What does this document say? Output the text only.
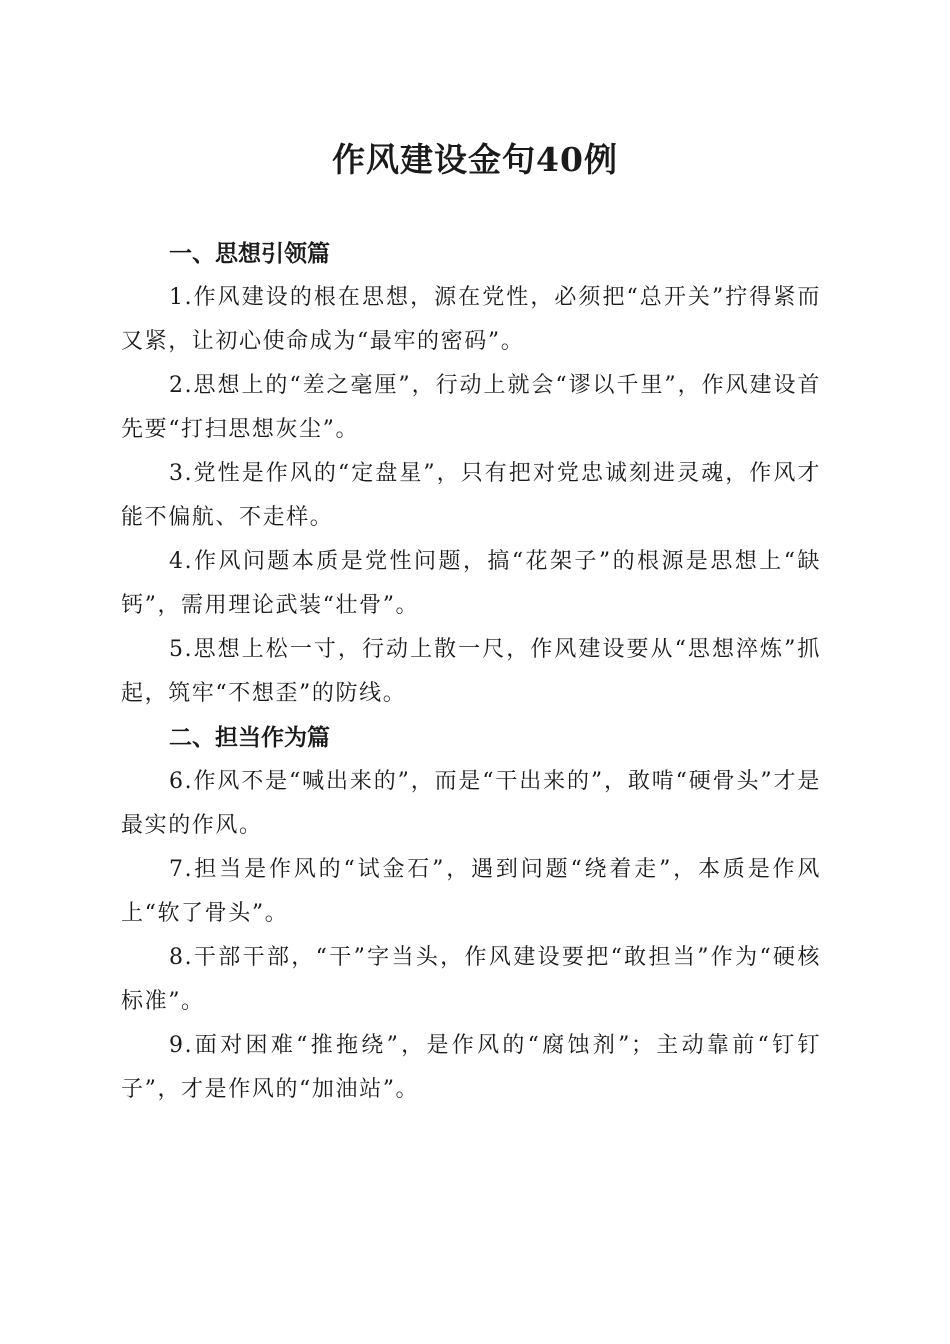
作风建设金句40例
一、思想引领篇

1.作风建设的根在思想，源在党性，必须把“总开关”拧得紧而又紧，让初心使命成为“最牢的密码”。

2.思想上的“差之毫厘”，行动上就会“谬以千里”，作风建设首先要“打扫思想灰尘”。

3.党性是作风的“定盘星”，只有把对党忠诚刻进灵魂，作风才能不偏航、不走样。

4.作风问题本质是党性问题，搞“花架子”的根源是思想上“缺钙”，需用理论武装“壮骨”。

5.思想上松一寸，行动上散一尺，作风建设要从“思想淬炼”抓起，筑牢“不想歪”的防线。

二、担当作为篇

6.作风不是“喊出来的”，而是“干出来的”，敢啃“硬骨头”才是最实的作风。

7.担当是作风的“试金石”，遇到问题“绕着走”，本质是作风上“软了骨头”。

8.干部干部，“干”字当头，作风建设要把“敢担当”作为“硬核标准”。

9.面对困难“推拖绕”，是作风的“腐蚀剂”；主动靠前“钉钉子”，才是作风的“加油站”。
